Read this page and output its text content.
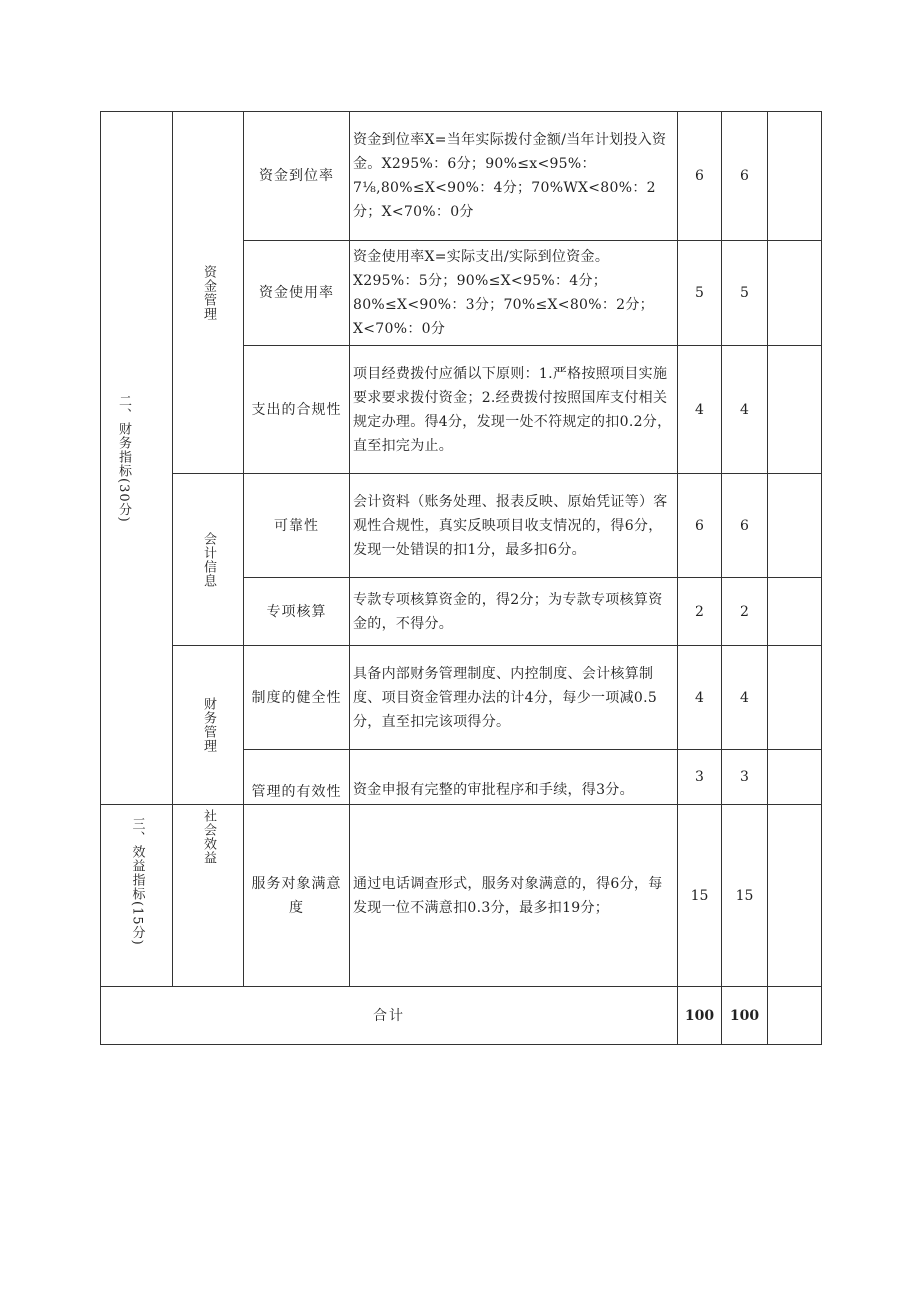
二、财务指标(30分)	资金管理	资金到位率	资金到位率X=当年实际拨付金额/当年计划投入资金。X295%：6分；90%≤x<95%：7⅛,80%≤X<90%：4分；70%WX<80%：2分；X<70%：0分	6	6	
		资金使用率	资金使用率X=实际支出/实际到位资金。X295%：5分；90%≤X<95%：4分；80%≤X<90%：3分；70%≤X<80%：2分；X<70%：0分	5	5	
		支出的合规性	项目经费拨付应循以下原则：1.严格按照项目实施要求要求拨付资金；2.经费拨付按照国库支付相关规定办理。得4分，发现一处不符规定的扣0.2分，直至扣完为止。	4	4	

	会计信息	可靠性	会计资料（账务处理、报表反映、原始凭证等）客观性合规性，真实反映项目收支情况的，得6分，发现一处错误的扣1分，最多扣6分。	6	6	
		专项核算	专款专项核算资金的，得2分；为专款专项核算资金的，不得分。	2	2	

	财务管理	制度的健全性	具备内部财务管理制度、内控制度、会计核算制度、项目资金管理办法的计4分，每少一项减0.5分，直至扣完该项得分。	4	4	
		管理的有效性	资金申报有完整的审批程序和手续，得3分。	3	3	

三、效益指标(15分)	社会效益	服务对象满意度	通过电话调查形式，服务对象满意的，得6分，每发现一位不满意扣0.3分，最多扣19分；	15	15	
合计				100	100	
